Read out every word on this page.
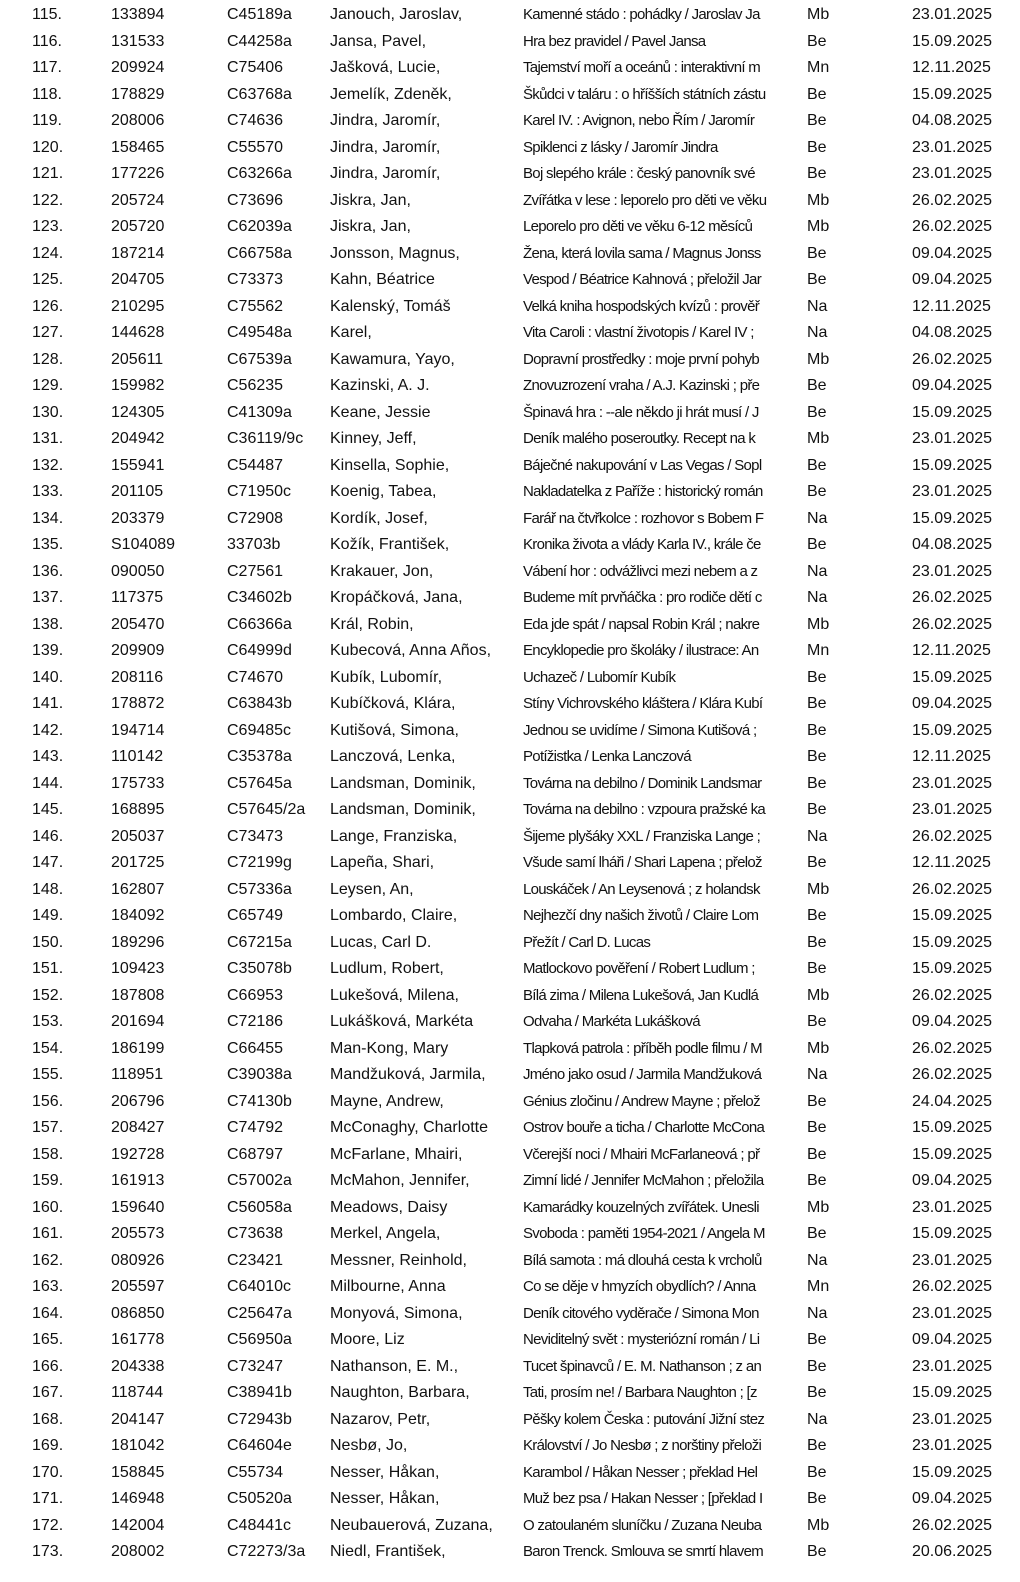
115.	133894	C45189a	Janouch, Jaroslav,	Kamenné stádo : pohádky / Jaroslav Ja	Mb	23.01.2025
116.	131533	C44258a	Jansa, Pavel,	Hra bez pravidel / Pavel Jansa	Be	15.09.2025
117.	209924	C75406	Jašková, Lucie,	Tajemství moří a oceánů : interaktivní m	Mn	12.11.2025
118.	178829	C63768a	Jemelík, Zdeněk,	Škůdci v taláru : o hříšších státních zástu	Be	15.09.2025
119.	208006	C74636	Jindra, Jaromír,	Karel IV. : Avignon, nebo Řím / Jaromír	Be	04.08.2025
120.	158465	C55570	Jindra, Jaromír,	Spiklenci z lásky / Jaromír Jindra	Be	23.01.2025
121.	177226	C63266a	Jindra, Jaromír,	Boj slepého krále : český panovník své	Be	23.01.2025
122.	205724	C73696	Jiskra, Jan,	Zvířátka v lese : leporelo pro děti ve věku	Mb	26.02.2025
123.	205720	C62039a	Jiskra, Jan,	Leporelo pro děti ve věku 6-12 měsíců	Mb	26.02.2025
124.	187214	C66758a	Jonsson, Magnus,	Žena, která lovila sama / Magnus Jonss	Be	09.04.2025
125.	204705	C73373	Kahn, Béatrice	Vespod / Béatrice Kahnová ; přeložil Jar	Be	09.04.2025
126.	210295	C75562	Kalenský, Tomáš	Velká kniha hospodských kvízů : prověř	Na	12.11.2025
127.	144628	C49548a	Karel,	Vita Caroli : vlastní životopis / Karel IV ;	Na	04.08.2025
128.	205611	C67539a	Kawamura, Yayo,	Dopravní prostředky : moje první pohyb	Mb	26.02.2025
129.	159982	C56235	Kazinski, A. J.	Znovuzrození vraha / A.J. Kazinski ; pře	Be	09.04.2025
130.	124305	C41309a	Keane, Jessie	Špinavá hra : --ale někdo ji hrát musí / J	Be	15.09.2025
131.	204942	C36119/9c	Kinney, Jeff,	Deník malého poseroutky. Recept na k	Mb	23.01.2025
132.	155941	C54487	Kinsella, Sophie,	Báječné nakupování v Las Vegas / Sopl	Be	15.09.2025
133.	201105	C71950c	Koenig, Tabea,	Nakladatelka z Paříže : historický román	Be	23.01.2025
134.	203379	C72908	Kordík, Josef,	Farář na čtvřkolce : rozhovor s Bobem F	Na	15.09.2025
135.	S104089	33703b	Kožík, František,	Kronika života a vlády Karla IV., krále če	Be	04.08.2025
136.	090050	C27561	Krakauer, Jon,	Vábení hor : odvážlivci mezi nebem a z	Na	23.01.2025
137.	117375	C34602b	Kropáčková, Jana,	Budeme mít prvňáčka : pro rodiče dětí c	Na	26.02.2025
138.	205470	C66366a	Král, Robin,	Eda jde spát / napsal Robin Král ; nakre	Mb	26.02.2025
139.	209909	C64999d	Kubecová, Anna Años,	Encyklopedie pro školáky / ilustrace: An	Mn	12.11.2025
140.	208116	C74670	Kubík, Lubomír,	Uchazeč / Lubomír Kubík	Be	15.09.2025
141.	178872	C63843b	Kubíčková, Klára,	Stíny Vichrovského kláštera / Klára Kubí	Be	09.04.2025
142.	194714	C69485c	Kutišová, Simona,	Jednou se uvidíme / Simona Kutišová ;	Be	15.09.2025
143.	110142	C35378a	Lanczová, Lenka,	Potížistka / Lenka Lanczová	Be	12.11.2025
144.	175733	C57645a	Landsman, Dominik,	Továrna na debilno / Dominik Landsmar	Be	23.01.2025
145.	168895	C57645/2a	Landsman, Dominik,	Továrna na debilno : vzpoura pražské ka	Be	23.01.2025
146.	205037	C73473	Lange, Franziska,	Šijeme plyšáky XXL / Franziska Lange ;	Na	26.02.2025
147.	201725	C72199g	Lapeña, Shari,	Všude samí lháři / Shari Lapena ; přelož	Be	12.11.2025
148.	162807	C57336a	Leysen, An,	Louskáček / An Leysenová ; z holandsk	Mb	26.02.2025
149.	184092	C65749	Lombardo, Claire,	Nejhezčí dny našich životů / Claire Lom	Be	15.09.2025
150.	189296	C67215a	Lucas, Carl D.	Přežít / Carl D. Lucas	Be	15.09.2025
151.	109423	C35078b	Ludlum, Robert,	Matlockovo pověření / Robert Ludlum ;	Be	15.09.2025
152.	187808	C66953	Lukešová, Milena,	Bílá zima / Milena Lukešová, Jan Kudlá	Mb	26.02.2025
153.	201694	C72186	Lukášková, Markéta	Odvaha / Markéta Lukášková	Be	09.04.2025
154.	186199	C66455	Man-Kong, Mary	Tlapková patrola : příběh podle filmu / M	Mb	26.02.2025
155.	118951	C39038a	Mandžuková, Jarmila,	Jméno jako osud / Jarmila Mandžuková	Na	26.02.2025
156.	206796	C74130b	Mayne, Andrew,	Génius zločinu / Andrew Mayne ; přelož	Be	24.04.2025
157.	208427	C74792	McConaghy, Charlotte	Ostrov bouře a ticha / Charlotte McCona	Be	15.09.2025
158.	192728	C68797	McFarlane, Mhairi,	Včerejší noci / Mhairi McFarlaneová ; př	Be	15.09.2025
159.	161913	C57002a	McMahon, Jennifer,	Zimní lidé / Jennifer McMahon ; přeložila	Be	09.04.2025
160.	159640	C56058a	Meadows, Daisy	Kamarádky kouzelných zvířátek. Unesli	Mb	23.01.2025
161.	205573	C73638	Merkel, Angela,	Svoboda : paměti 1954-2021 / Angela M	Be	15.09.2025
162.	080926	C23421	Messner, Reinhold,	Bílá samota : má dlouhá cesta k vrcholů	Na	23.01.2025
163.	205597	C64010c	Milbourne, Anna	Co se děje v hmyzích obydlích? / Anna	Mn	26.02.2025
164.	086850	C25647a	Monyová, Simona,	Deník citového vyděrače / Simona Mon	Na	23.01.2025
165.	161778	C56950a	Moore, Liz	Neviditelný svět : mysteriózní román / Li	Be	09.04.2025
166.	204338	C73247	Nathanson, E. M.,	Tucet špinavců / E. M. Nathanson ; z an	Be	23.01.2025
167.	118744	C38941b	Naughton, Barbara,	Tati, prosím ne! / Barbara Naughton ; [z	Be	15.09.2025
168.	204147	C72943b	Nazarov, Petr,	Pěšky kolem Česka : putování Jižní stez	Na	23.01.2025
169.	181042	C64604e	Nesbø, Jo,	Království / Jo Nesbø ; z norštiny přeloži	Be	23.01.2025
170.	158845	C55734	Nesser, Håkan,	Karambol / Håkan Nesser ; překlad Hel	Be	15.09.2025
171.	146948	C50520a	Nesser, Håkan,	Muž bez psa / Hakan Nesser ; [překlad I	Be	09.04.2025
172.	142004	C48441c	Neubauerová, Zuzana,	O zatoulaném sluníčku / Zuzana Neuba	Mb	26.02.2025
173.	208002	C72273/3a	Niedl, František,	Baron Trenck. Smlouva se smrtí hlavem	Be	20.06.2025
